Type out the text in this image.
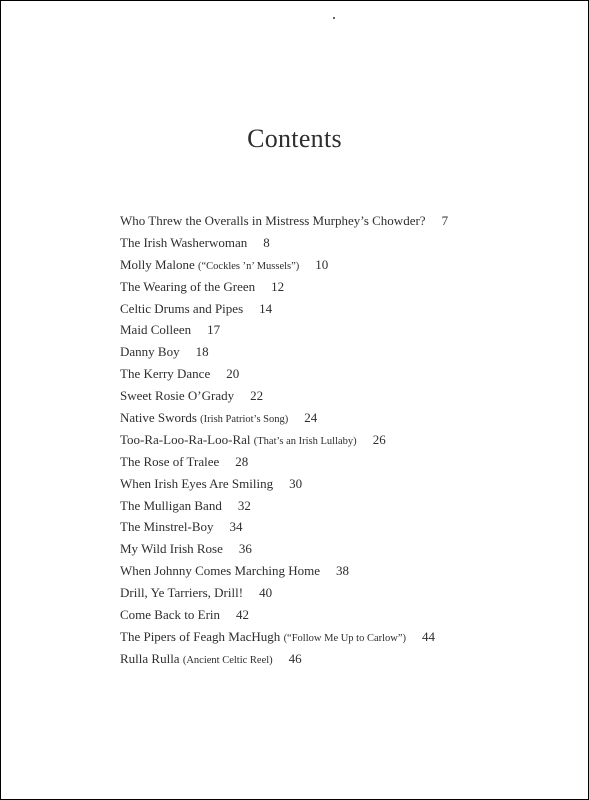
Contents
Who Threw the Overalls in Mistress Murphey’s Chowder? 7
The Irish Washerwoman 8
Molly Malone (“Cockles ’n’ Mussels”) 10
The Wearing of the Green 12
Celtic Drums and Pipes 14
Maid Colleen 17
Danny Boy 18
The Kerry Dance 20
Sweet Rosie O’Grady 22
Native Swords (Irish Patriot’s Song) 24
Too-Ra-Loo-Ra-Loo-Ral (That’s an Irish Lullaby) 26
The Rose of Tralee 28
When Irish Eyes Are Smiling 30
The Mulligan Band 32
The Minstrel-Boy 34
My Wild Irish Rose 36
When Johnny Comes Marching Home 38
Drill, Ye Tarriers, Drill! 40
Come Back to Erin 42
The Pipers of Feagh MacHugh (“Follow Me Up to Carlow”) 44
Rulla Rulla (Ancient Celtic Reel) 46
